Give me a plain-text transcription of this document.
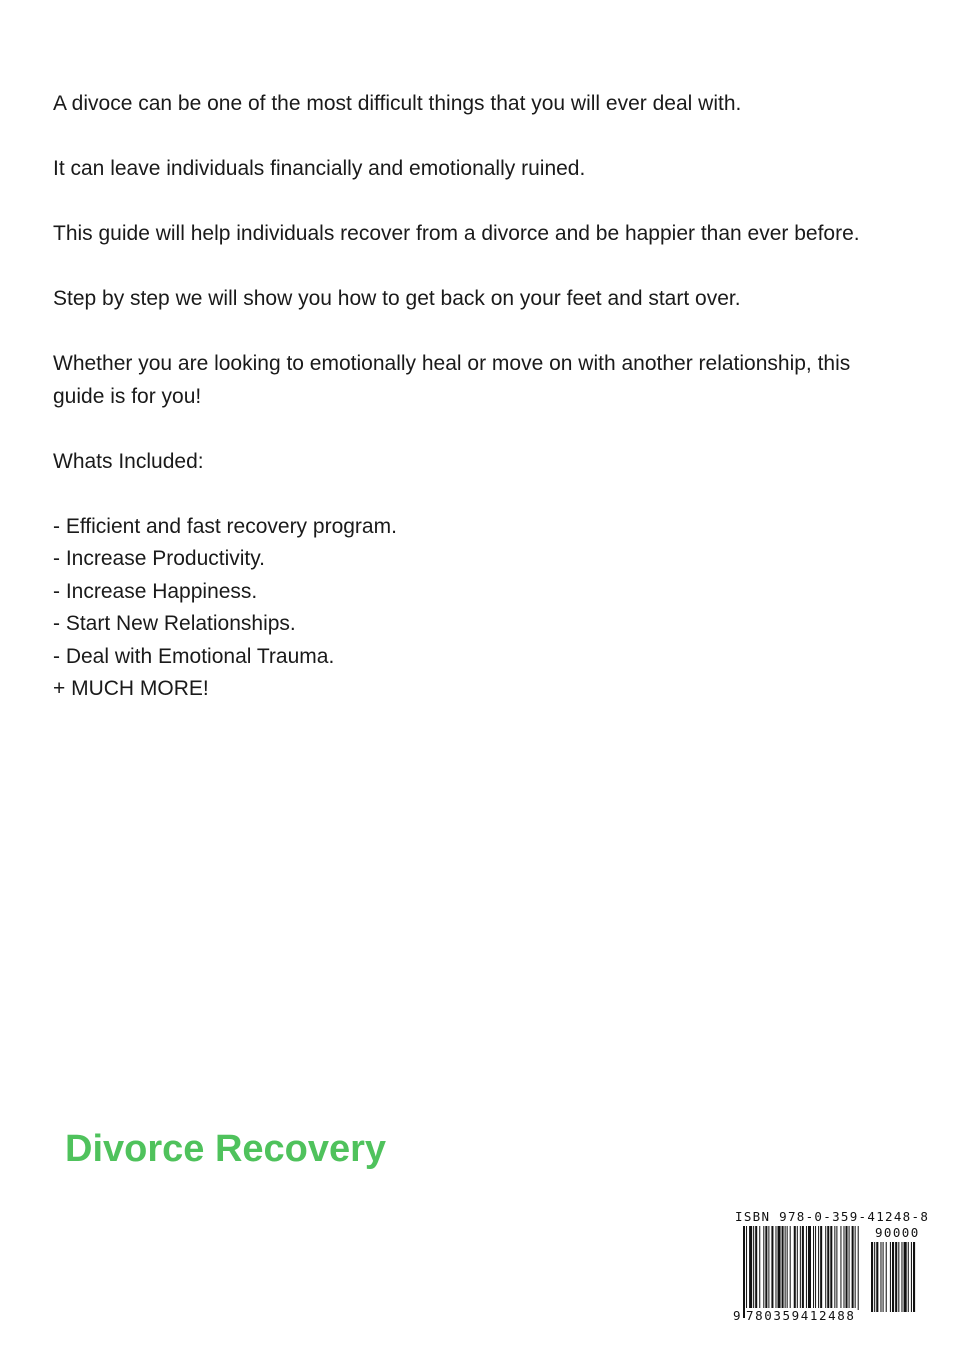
A divoce can be one of the most difficult things that you will ever deal with.

It can leave individuals financially and emotionally ruined.

This guide will help individuals recover from a divorce and be happier than ever before.

Step by step we will show you how to get back on your feet and start over.

Whether you are looking to emotionally heal or move on with another relationship, this guide is for you!

Whats Included:

- Efficient and fast recovery program.
- Increase Productivity.
- Increase Happiness.
- Start New Relationships.
- Deal with Emotional Trauma.
+ MUCH MORE!
Divorce Recovery
ISBN 978-0-359-41248-8
90000
9 780359412488
